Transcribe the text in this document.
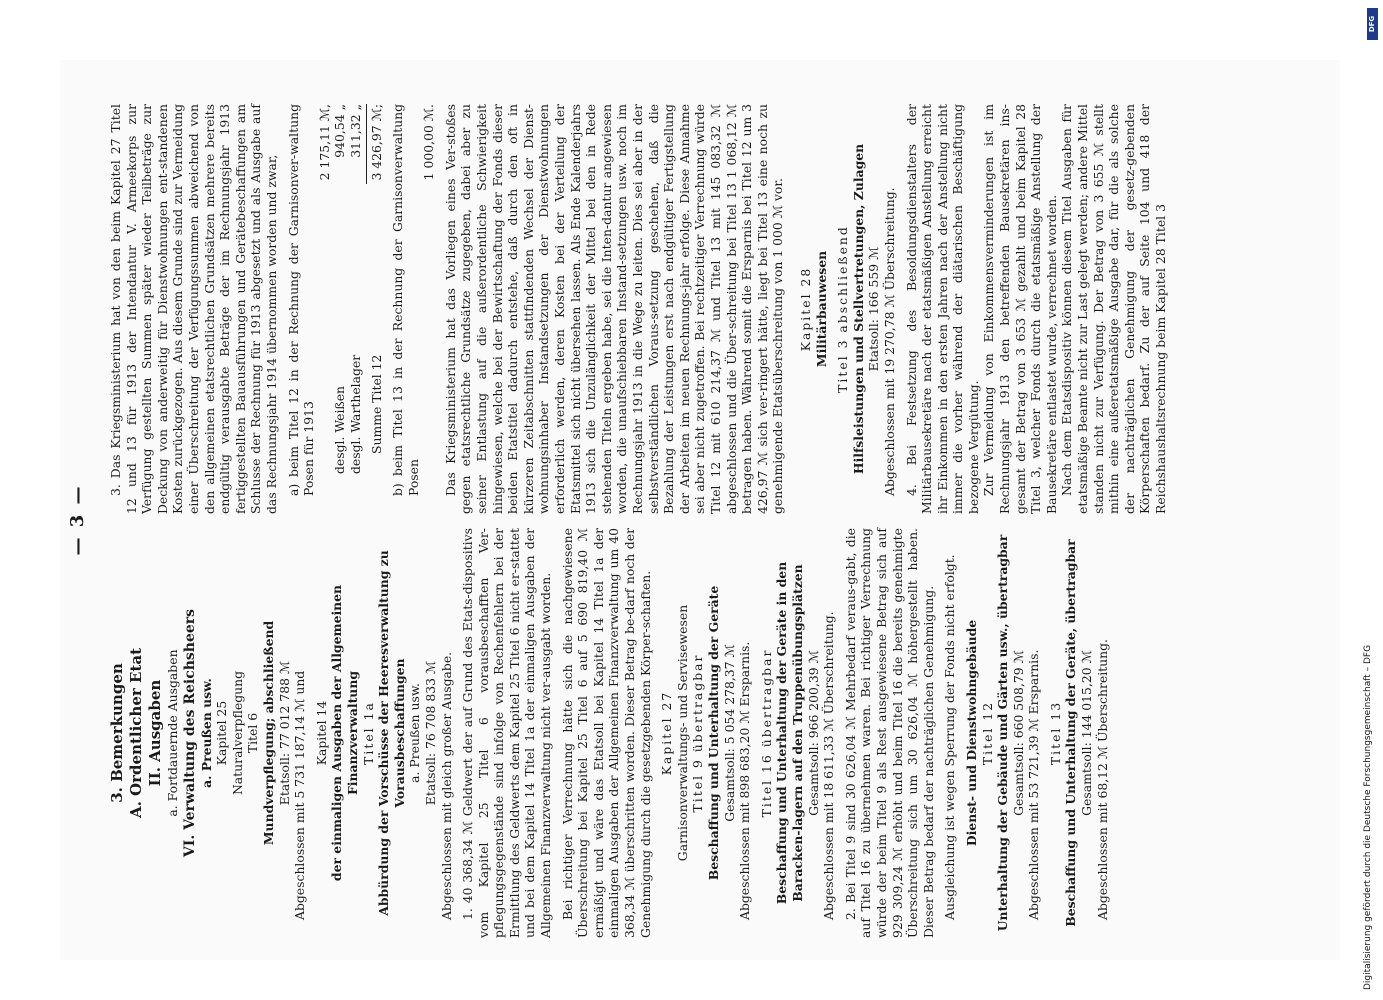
— 3 —

3. Bemerkungen A. Ordentlicher Etat II. Ausgaben a. Fortdauernde Ausgaben VI. Verwaltung des Reichsheers a. Preußen usw. Kapitel 25 Naturalverpflegung Titel 6 Mundverpflegung; abschließend Etatsoll: 77 012 788 ℳ Abgeschlossen mit 5 731 187,14 ℳ und Kapitel 14 der einmaligen Ausgaben der Allgemeinen Finanzverwaltung Titel 1a Abbürdung der Vorschüsse der Heeresverwaltung zu Vorausbeschaffungen a. Preußen usw. Etatsoll: 76 708 833 ℳ Abgeschlossen mit gleich großer Ausgabe. 1. 40 368,34 ℳ Geldwert der auf Grund des Etats-dispositivs vom Kapitel 25 Titel 6 vorausbeschafften Ver-pflegungsgegenstände sind infolge von Rechenfehlern bei der Ermittlung des Geldwerts dem Kapitel 25 Titel 6 nicht er-stattet und bei dem Kapitel 14 Titel 1a der einmaligen Ausgaben der Allgemeinen Finanzverwaltung nicht ver-ausgabt worden. Bei richtiger Verrechnung hätte sich die nachgewiesene Überschreitung bei Kapitel 25 Titel 6 auf 5 690 819,40 ℳ ermäßigt und wäre das Etatsoll bei Kapitel 14 Titel 1a der einmaligen Ausgaben der Allgemeinen Finanzverwaltung um 40 368,34 ℳ überschritten worden. Dieser Betrag be-darf noch der Genehmigung durch die gesetzgebenden Körper-schaften. Kapitel 27 Garnisonverwaltungs- und Servisewesen Titel 9 übertragbar Beschaffung und Unterhaltung der Geräte Gesamtsoll: 5 054 278,37 ℳ Abgeschlossen mit 898 683,20 ℳ Ersparnis. Titel 16 übertragbar Beschaffung und Unterhaltung der Geräte in den Baracken-lagern auf den Truppenübungsplätzen Gesamtsoll: 966 200,39 ℳ Abgeschlossen mit 18 611,33 ℳ Überschreitung. 2. Bei Titel 9 sind 30 626,04 ℳ Mehrbedarf veraus-gabt, die auf Titel 16 zu übernehmen waren. Bei richtiger Verrechnung würde der beim Titel 9 als Rest ausgewiesene Betrag sich auf 929 309,24 ℳ erhöht und beim Titel 16 die bereits genehmigte Überschreitung sich um 30 626,04 ℳ höhergestellt haben. Dieser Betrag bedarf der nachträglichen Genehmigung. Ausgleichung ist wegen Sperrung der Fonds nicht erfolgt. Dienst- und Dienstwohngebäude Titel 12 Unterhaltung der Gebäude und Gärten usw., übertragbar Gesamtsoll: 660 508,79 ℳ Abgeschlossen mit 53 721,39 ℳ Ersparnis. Titel 13 Beschaffung und Unterhaltung der Geräte, übertragbar Gesamtsoll: 144 015,20 ℳ Abgeschlossen mit 68,12 ℳ Überschreitung.

3. Das Kriegsministerium hat von den beim Kapitel 27 Titel 12 und 13 für 1913 der Intendantur V. Armeekorps zur Verfügung gestellten Summen später wieder Teilbeträge zur Deckung von anderweitig für Dienstwohnungen ent-standenen Kosten zurückgezogen. Aus diesem Grunde sind zur Vermeidung einer Überschreitung der Verfügungssummen abweichend von den allgemeinen etatsrechtlichen Grundsätzen mehrere bereits endgültig verausgabte Beträge der im Rechnungsjahr 1913 fertiggestellten Bauausführungen und Gerätebeschaffungen am Schlusse der Rechnung für 1913 abgesetzt und als Ausgabe auf das Rechnungsjahr 1914 übernommen worden und zwar, a) beim Titel 12 in der Rechnung der Garnisonver-waltung Posen für 1913

2 175,11 ℳ,
desgl. Weißen
940,54 „
desgl. Warthelager
311,32 „
Summe Titel 12
3 426,97 ℳ; b) beim Titel 13 in der Rechnung der Garnisonverwaltung Posen

1 000,00 ℳ. Das Kriegsministerium hat das Vorliegen eines Ver-stoßes gegen etatsrechtliche Grundsätze zugegeben, dabei aber zu seiner Entlastung auf die außerordentliche Schwierigkeit hingewiesen, welche bei der Bewirtschaftung der Fonds dieser beiden Etatstitel dadurch entstehe, daß durch den oft in kürzeren Zeitabschnitten stattfindenden Wechsel der Dienst-wohnungsinhaber Instandsetzungen der Dienstwohnungen erforderlich werden, deren Kosten bei der Verteilung der Etatsmittel sich nicht übersehen lassen. Als Ende Kalenderjahrs 1913 sich die Unzulänglichkeit der Mittel bei den in Rede stehenden Titeln ergeben habe, sei die Inten-dantur angewiesen worden, die unaufschiebbaren Instand-setzungen usw. noch im Rechnungsjahr 1913 in die Wege zu leiten. Dies sei aber in der selbstverständlichen Voraus-setzung geschehen, daß die Bezahlung der Leistungen erst nach endgültiger Fertigstellung der Arbeiten im neuen Rechnungs-jahr erfolge. Diese Annahme sei aber nicht zugetroffen. Bei rechtzeitiger Verrechnung würde Titel 12 mit 610 214,37 ℳ und Titel 13 mit 145 083,32 ℳ abgeschlossen und die Über-schreitung bei Titel 13 1 068,12 ℳ betragen haben. Während somit die Ersparnis bei Titel 12 um 3 426,97 ℳ sich ver-ringert hätte, liegt bei Titel 13 eine noch zu genehmigende Etatsüberschreitung von 1 000 ℳ vor. Kapitel 28 Militärbauwesen Titel 3 abschließend Hilfsleistungen und Stellvertretungen, Zulagen Etatsoll: 166 559 ℳ Abgeschlossen mit 19 270,78 ℳ Überschreitung. 4. Bei Festsetzung des Besoldungsdienstalters der Militärbausekretäre nach der etatsmäßigen Anstellung erreicht ihr Einkommen in den ersten Jahren nach der Anstellung nicht immer die vorher während der diätarischen Beschäftigung bezogene Vergütung. Zur Vermeidung von Einkommensverminderungen ist im Rechnungsjahr 1913 den betreffenden Bausekretären ins-gesamt der Betrag von 3 653 ℳ gezahlt und beim Kapitel 28 Titel 3, welcher Fonds durch die etatsmäßige Anstellung der Bausekretäre entlastet wurde, verrechnet worden. Nach dem Etatsdispositiv können diesem Titel Ausgaben für etatsmäßige Beamte nicht zur Last gelegt werden; andere Mittel standen nicht zur Verfügung. Der Betrag von 3 655 ℳ stellt mithin eine außeretatsmäßige Ausgabe dar, für die als solche der nachträglichen Genehmigung der gesetz-gebenden Körperschaften bedarf. Zu der auf Seite 104 und 418 der Reichshaushaltsrechnung beim Kapitel 28 Titel 3

Digitalisierung gefördert durch die Deutsche Forschungsgemeinschaft – DFG
DFG
